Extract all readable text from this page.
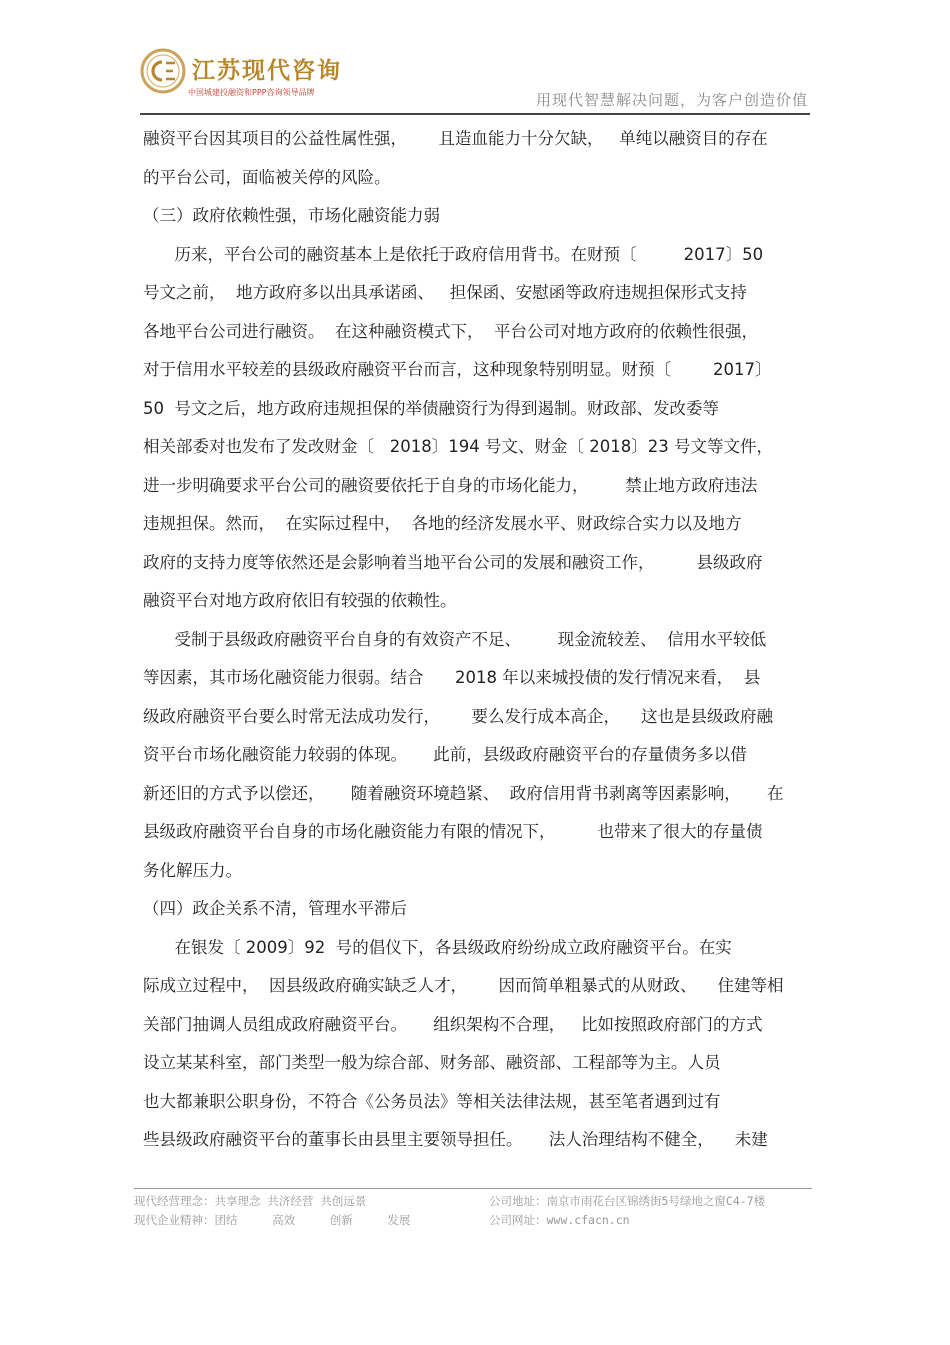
江苏现代咨询
中国城建投融资和PPP咨询领导品牌	用现代智慧解决问题，为客户创造价值
融资平台因其项目的公益性属性强，      且造血能力十分欠缺，   单纯以融资目的存在
的平台公司，面临被关停的风险。
（三）政府依赖性强，市场化融资能力弱
历来，平台公司的融资基本上是依托于政府信用背书。在财预〔         2017〕50
号文之前，  地方政府多以出具承诺函、   担保函、安慰函等政府违规担保形式支持
各地平台公司进行融资。  在这种融资模式下，  平台公司对地方政府的依赖性很强，
对于信用水平较差的县级政府融资平台而言，这种现象特别明显。财预〔        2017〕
50  号文之后，地方政府违规担保的举债融资行为得到遏制。财政部、发改委等
相关部委对也发布了发改财金〔   2018〕194 号文、财金〔 2018〕23 号文等文件，
进一步明确要求平台公司的融资要依托于自身的市场化能力，       禁止地方政府违法
违规担保。然而，  在实际过程中，  各地的经济发展水平、财政综合实力以及地方
政府的支持力度等依然还是会影响着当地平台公司的发展和融资工作，        县级政府
融资平台对地方政府依旧有较强的依赖性。
受制于县级政府融资平台自身的有效资产不足、       现金流较差、  信用水平较低
等因素，其市场化融资能力很弱。结合      2018 年以来城投债的发行情况来看，  县
级政府融资平台要么时常无法成功发行，      要么发行成本高企，    这也是县级政府融
资平台市场化融资能力较弱的体现。     此前，县级政府融资平台的存量债务多以借
新还旧的方式予以偿还，     随着融资环境趋紧、  政府信用背书剥离等因素影响，     在
县级政府融资平台自身的市场化融资能力有限的情况下，        也带来了很大的存量债
务化解压力。
（四）政企关系不清，管理水平滞后
在银发〔 2009〕92  号的倡仪下，各县级政府纷纷成立政府融资平台。在实
际成立过程中，  因县级政府确实缺乏人才，      因而简单粗暴式的从财政、    住建等相
关部门抽调人员组成政府融资平台。     组织架构不合理，   比如按照政府部门的方式
设立某某科室，部门类型一般为综合部、财务部、融资部、工程部等为主。人员
也大都兼职公职身份，不符合《公务员法》等相关法律法规，甚至笔者遇到过有
些县级政府融资平台的董事长由县里主要领导担任。     法人治理结构不健全，    未建
现代经营理念：共享理念 共济经营 共创远景	公司地址：南京市雨花台区锦绣街5号绿地之窗C4-7楼
现代企业精神：团结     高效     创新     发展	公司网址：www.cfacn.cn
